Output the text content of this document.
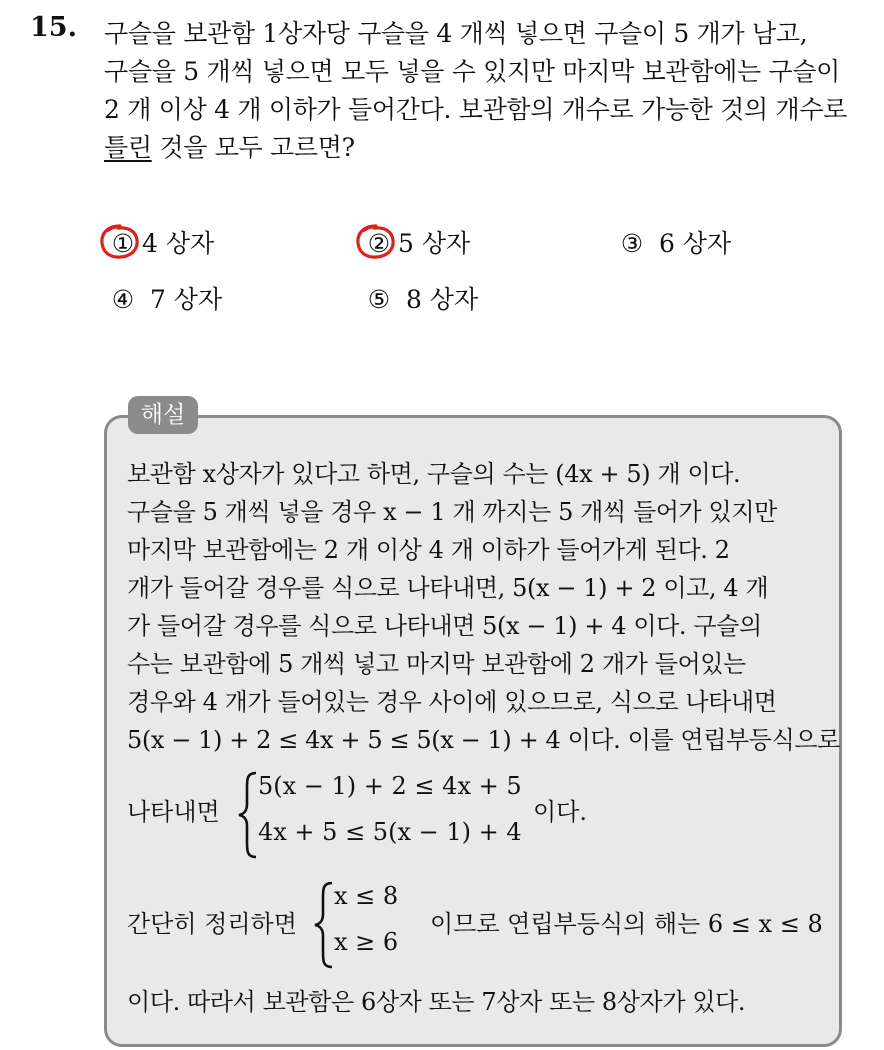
15. 구슬을 보관함 1상자당 구슬을 4 개씩 넣으면 구슬이 5 개가 남고,
구슬을 5 개씩 넣으면 모두 넣을 수 있지만 마지막 보관함에는 구슬이
2 개 이상 4 개 이하가 들어간다. 보관함의 개수로 가능한 것의 개수로
틀린 것을 모두 고르면?
① 4 상자	② 5 상자	③ 6 상자
④ 7 상자	⑤ 8 상자
해설
보관함 x상자가 있다고 하면, 구슬의 수는 (4x + 5) 개 이다.
구슬을 5 개씩 넣을 경우 x − 1 개 까지는 5 개씩 들어가 있지만
마지막 보관함에는 2 개 이상 4 개 이하가 들어가게 된다. 2
개가 들어갈 경우를 식으로 나타내면, 5(x − 1) + 2 이고, 4 개
가 들어갈 경우를 식으로 나타내면 5(x − 1) + 4 이다. 구슬의
수는 보관함에 5 개씩 넣고 마지막 보관함에 2 개가 들어있는
경우와 4 개가 들어있는 경우 사이에 있으므로, 식으로 나타내면
5(x − 1) + 2 ≤ 4x + 5 ≤ 5(x − 1) + 4 이다. 이를 연립부등식으로
나타내면
5(x − 1) + 2 ≤ 4x + 5
4x + 5 ≤ 5(x − 1) + 4
이다.
간단히 정리하면
x ≤ 8
x ≥ 6
이므로 연립부등식의 해는 6 ≤ x ≤ 8
이다. 따라서 보관함은 6상자 또는 7상자 또는 8상자가 있다.
